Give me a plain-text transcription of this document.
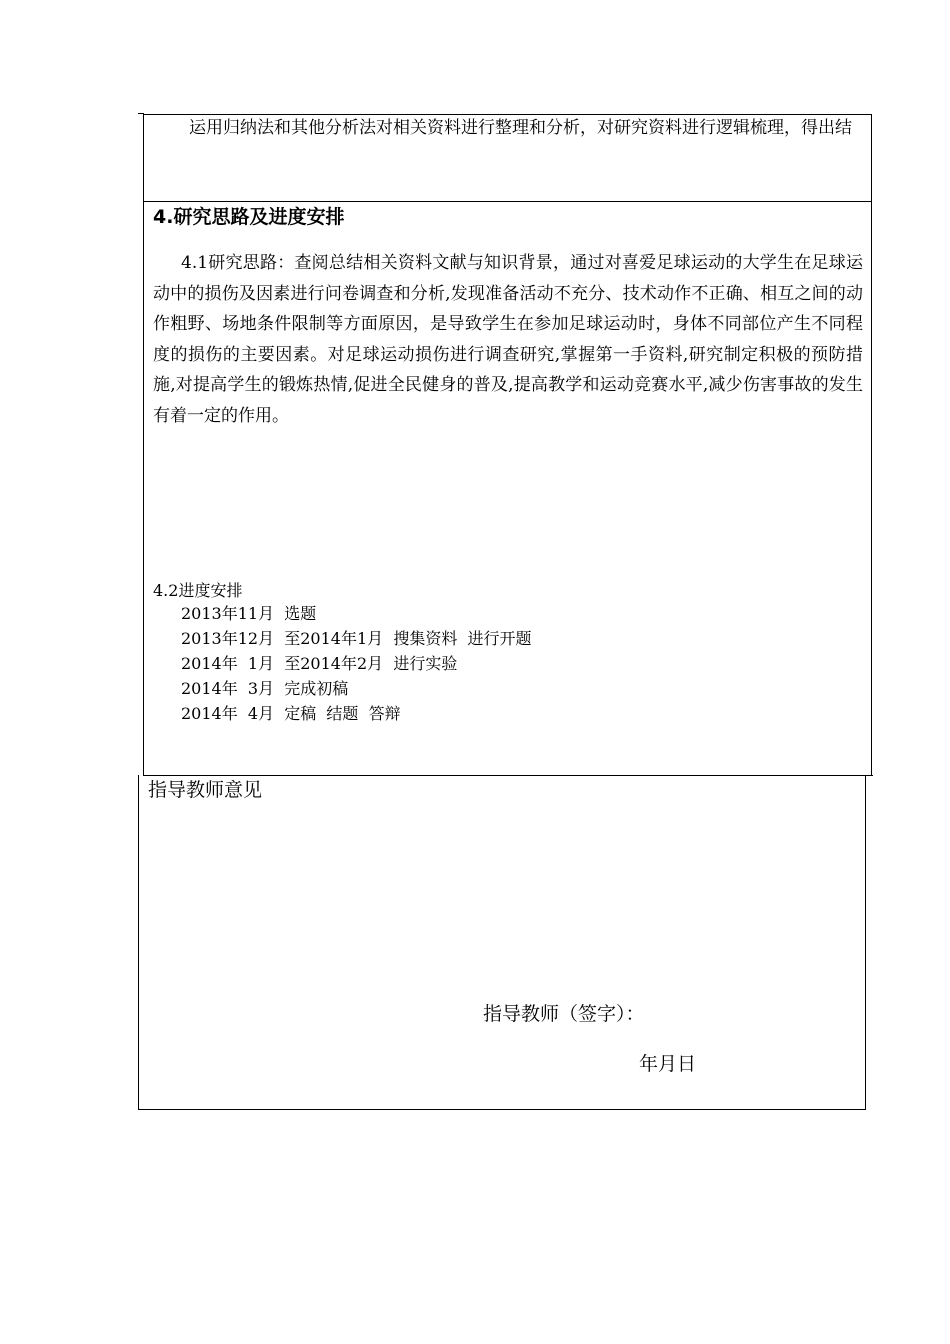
运用归纳法和其他分析法对相关资料进行整理和分析，对研究资料进行逻辑梳理，得出结
4.研究思路及进度安排
4.1研究思路：查阅总结相关资料文献与知识背景，通过对喜爱足球运动的大学生在足球运动中的损伤及因素进行问卷调查和分析,发现准备活动不充分、技术动作不正确、相互之间的动作粗野、场地条件限制等方面原因，是导致学生在参加足球运动时，身体不同部位产生不同程度的损伤的主要因素。对足球运动损伤进行调查研究,掌握第一手资料,研究制定积极的预防措施,对提高学生的锻炼热情,促进全民健身的普及,提高教学和运动竞赛水平,减少伤害事故的发生有着一定的作用。
4.2进度安排
2013年11月  选题
2013年12月  至2014年1月  搜集资料  进行开题
2014年  1月  至2014年2月  进行实验
2014年  3月  完成初稿
2014年  4月  定稿  结题  答辩
指导教师意见
指导教师（签字）：
年月日
